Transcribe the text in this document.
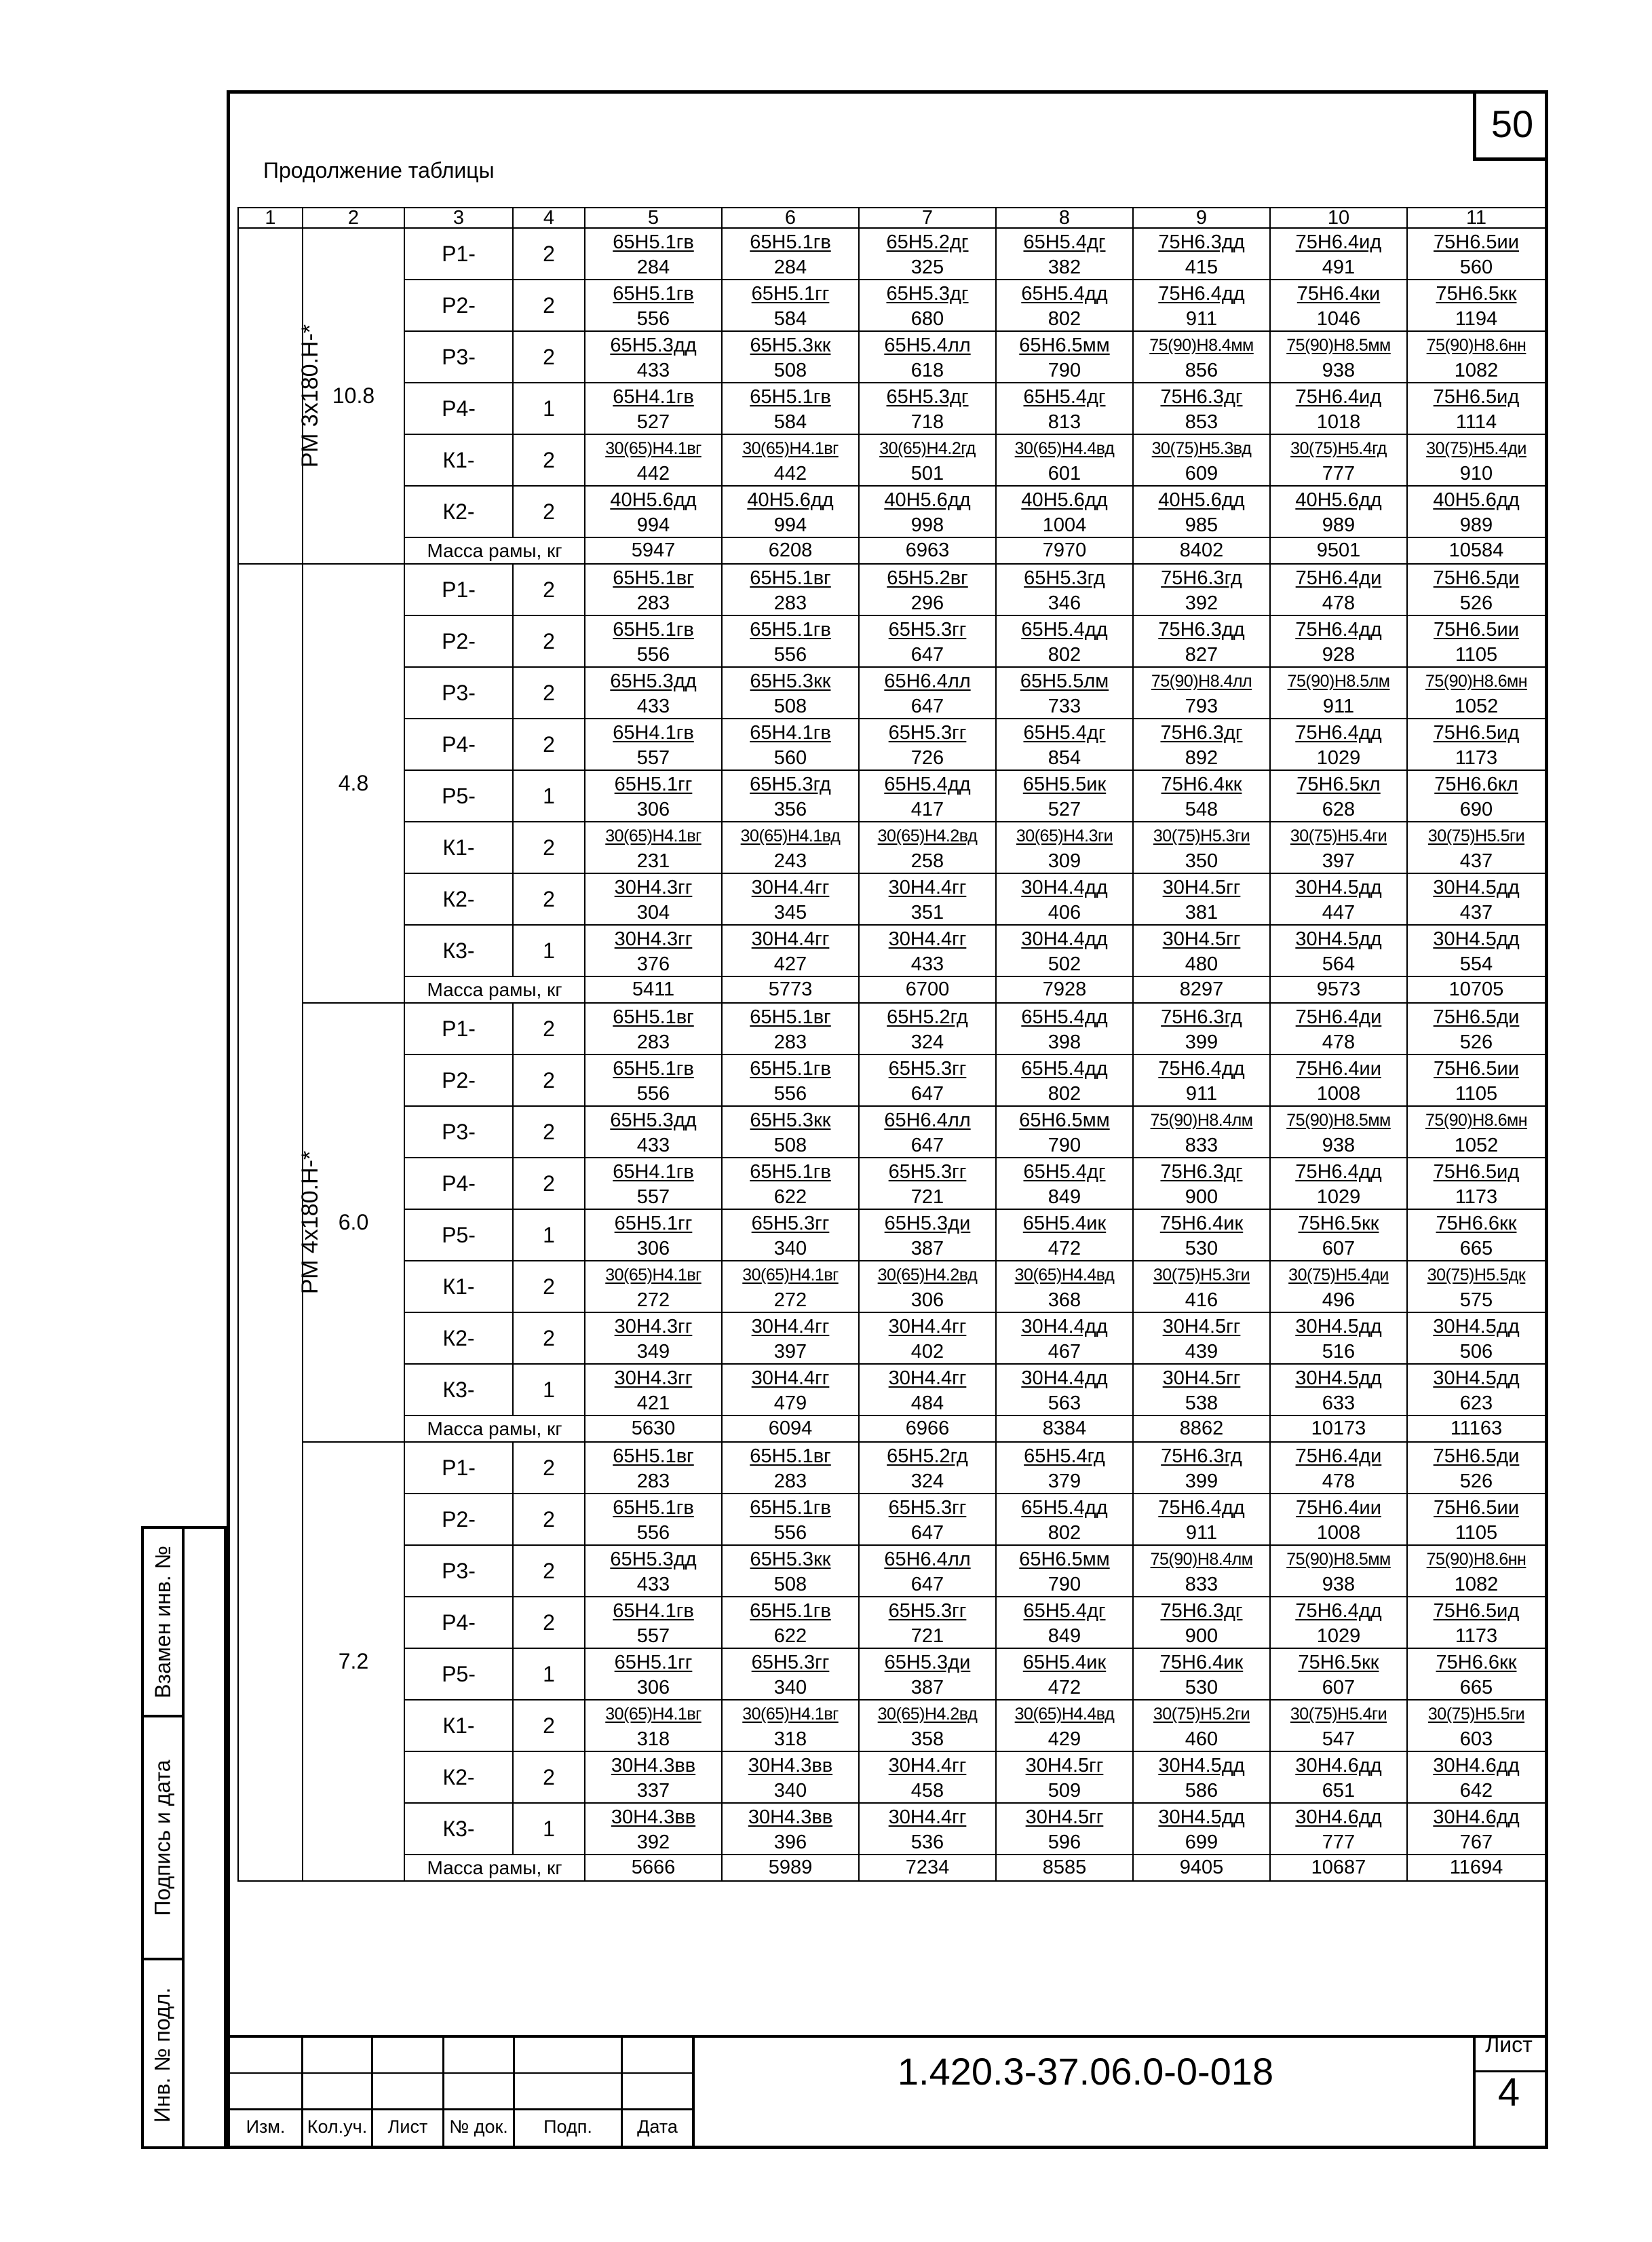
50
Продолжение таблицы
1	2	3	4	5	6	7	8	9	10	11
РМ 3х180.Н-*	10.8	Р1-	2	65Н5.1гв	65Н5.1гв	65Н5.2дг	65Н5.4дг	75Н6.3дд	75Н6.4ид	75Н6.5ии
				284	284	325	382	415	491	560
		Р2-	2	65Н5.1гв	65Н5.1гг	65Н5.3дг	65Н5.4дд	75Н6.4дд	75Н6.4ки	75Н6.5кк
				556	584	680	802	911	1046	1194
		Р3-	2	65Н5.3дд	65Н5.3кк	65Н5.4лл	65Н6.5мм	75(90)Н8.4мм	75(90)Н8.5мм	75(90)Н8.6нн
				433	508	618	790	856	938	1082
		Р4-	1	65Н4.1гв	65Н5.1гв	65Н5.3дг	65Н5.4дг	75Н6.3дг	75Н6.4ид	75Н6.5ид
				527	584	718	813	853	1018	1114
		К1-	2	30(65)Н4.1вг	30(65)Н4.1вг	30(65)Н4.2гд	30(65)Н4.4вд	30(75)Н5.3вд	30(75)Н5.4гд	30(75)Н5.4ди
				442	442	501	601	609	777	910
		К2-	2	40Н5.6дд	40Н5.6дд	40Н5.6дд	40Н5.6дд	40Н5.6дд	40Н5.6дд	40Н5.6дд
				994	994	998	1004	985	989	989
		Масса рамы, кг		5947	6208	6963	7970	8402	9501	10584
РМ 4х180.Н-*	4.8	Р1-	2	65Н5.1вг	65Н5.1вг	65Н5.2вг	65Н5.3гд	75Н6.3гд	75Н6.4ди	75Н6.5ди
				283	283	296	346	392	478	526
		Р2-	2	65Н5.1гв	65Н5.1гв	65Н5.3гг	65Н5.4дд	75Н6.3дд	75Н6.4дд	75Н6.5ии
				556	556	647	802	827	928	1105
		Р3-	2	65Н5.3дд	65Н5.3кк	65Н6.4лл	65Н5.5лм	75(90)Н8.4лл	75(90)Н8.5лм	75(90)Н8.6мн
				433	508	647	733	793	911	1052
		Р4-	2	65Н4.1гв	65Н4.1гв	65Н5.3гг	65Н5.4дг	75Н6.3дг	75Н6.4дд	75Н6.5ид
				557	560	726	854	892	1029	1173
		Р5-	1	65Н5.1гг	65Н5.3гд	65Н5.4дд	65Н5.5ик	75Н6.4кк	75Н6.5кл	75Н6.6кл
				306	356	417	527	548	628	690
		К1-	2	30(65)Н4.1вг	30(65)Н4.1вд	30(65)Н4.2вд	30(65)Н4.3ги	30(75)Н5.3ги	30(75)Н5.4ги	30(75)Н5.5ги
				231	243	258	309	350	397	437
		К2-	2	30Н4.3гг	30Н4.4гг	30Н4.4гг	30Н4.4дд	30Н4.5гг	30Н4.5дд	30Н4.5дд
				304	345	351	406	381	447	437
		К3-	1	30Н4.3гг	30Н4.4гг	30Н4.4гг	30Н4.4дд	30Н4.5гг	30Н4.5дд	30Н4.5дд
				376	427	433	502	480	564	554
		Масса рамы, кг		5411	5773	6700	7928	8297	9573	10705
	6.0	Р1-	2	65Н5.1вг	65Н5.1вг	65Н5.2гд	65Н5.4дд	75Н6.3гд	75Н6.4ди	75Н6.5ди
				283	283	324	398	399	478	526
		Р2-	2	65Н5.1гв	65Н5.1гв	65Н5.3гг	65Н5.4дд	75Н6.4дд	75Н6.4ии	75Н6.5ии
				556	556	647	802	911	1008	1105
		Р3-	2	65Н5.3дд	65Н5.3кк	65Н6.4лл	65Н6.5мм	75(90)Н8.4лм	75(90)Н8.5мм	75(90)Н8.6мн
				433	508	647	790	833	938	1052
		Р4-	2	65Н4.1гв	65Н5.1гв	65Н5.3гг	65Н5.4дг	75Н6.3дг	75Н6.4дд	75Н6.5ид
				557	622	721	849	900	1029	1173
		Р5-	1	65Н5.1гг	65Н5.3гг	65Н5.3ди	65Н5.4ик	75Н6.4ик	75Н6.5кк	75Н6.6кк
				306	340	387	472	530	607	665
		К1-	2	30(65)Н4.1вг	30(65)Н4.1вг	30(65)Н4.2вд	30(65)Н4.4вд	30(75)Н5.3ги	30(75)Н5.4ди	30(75)Н5.5дк
				272	272	306	368	416	496	575
		К2-	2	30Н4.3гг	30Н4.4гг	30Н4.4гг	30Н4.4дд	30Н4.5гг	30Н4.5дд	30Н4.5дд
				349	397	402	467	439	516	506
		К3-	1	30Н4.3гг	30Н4.4гг	30Н4.4гг	30Н4.4дд	30Н4.5гг	30Н4.5дд	30Н4.5дд
				421	479	484	563	538	633	623
		Масса рамы, кг		5630	6094	6966	8384	8862	10173	11163
	7.2	Р1-	2	65Н5.1вг	65Н5.1вг	65Н5.2гд	65Н5.4гд	75Н6.3гд	75Н6.4ди	75Н6.5ди
				283	283	324	379	399	478	526
		Р2-	2	65Н5.1гв	65Н5.1гв	65Н5.3гг	65Н5.4дд	75Н6.4дд	75Н6.4ии	75Н6.5ии
				556	556	647	802	911	1008	1105
		Р3-	2	65Н5.3дд	65Н5.3кк	65Н6.4лл	65Н6.5мм	75(90)Н8.4лм	75(90)Н8.5мм	75(90)Н8.6нн
				433	508	647	790	833	938	1082
		Р4-	2	65Н4.1гв	65Н5.1гв	65Н5.3гг	65Н5.4дг	75Н6.3дг	75Н6.4дд	75Н6.5ид
				557	622	721	849	900	1029	1173
		Р5-	1	65Н5.1гг	65Н5.3гг	65Н5.3ди	65Н5.4ик	75Н6.4ик	75Н6.5кк	75Н6.6кк
				306	340	387	472	530	607	665
		К1-	2	30(65)Н4.1вг	30(65)Н4.1вг	30(65)Н4.2вд	30(65)Н4.4вд	30(75)Н5.2ги	30(75)Н5.4ги	30(75)Н5.5ги
				318	318	358	429	460	547	603
		К2-	2	30Н4.3вв	30Н4.3вв	30Н4.4гг	30Н4.5гг	30Н4.5дд	30Н4.6дд	30Н4.6дд
				337	340	458	509	586	651	642
		К3-	1	30Н4.3вв	30Н4.3вв	30Н4.4гг	30Н4.5гг	30Н4.5дд	30Н4.6дд	30Н4.6дд
				392	396	536	596	699	777	767
		Масса рамы, кг		5666	5989	7234	8585	9405	10687	11694
Взамен инв. №
Подпись и дата
Инв. № подл.
Изм.	Кол.уч.	Лист	№ док.	Подп.	Дата
1.420.3-37.06.0-0-018
Лист
4
